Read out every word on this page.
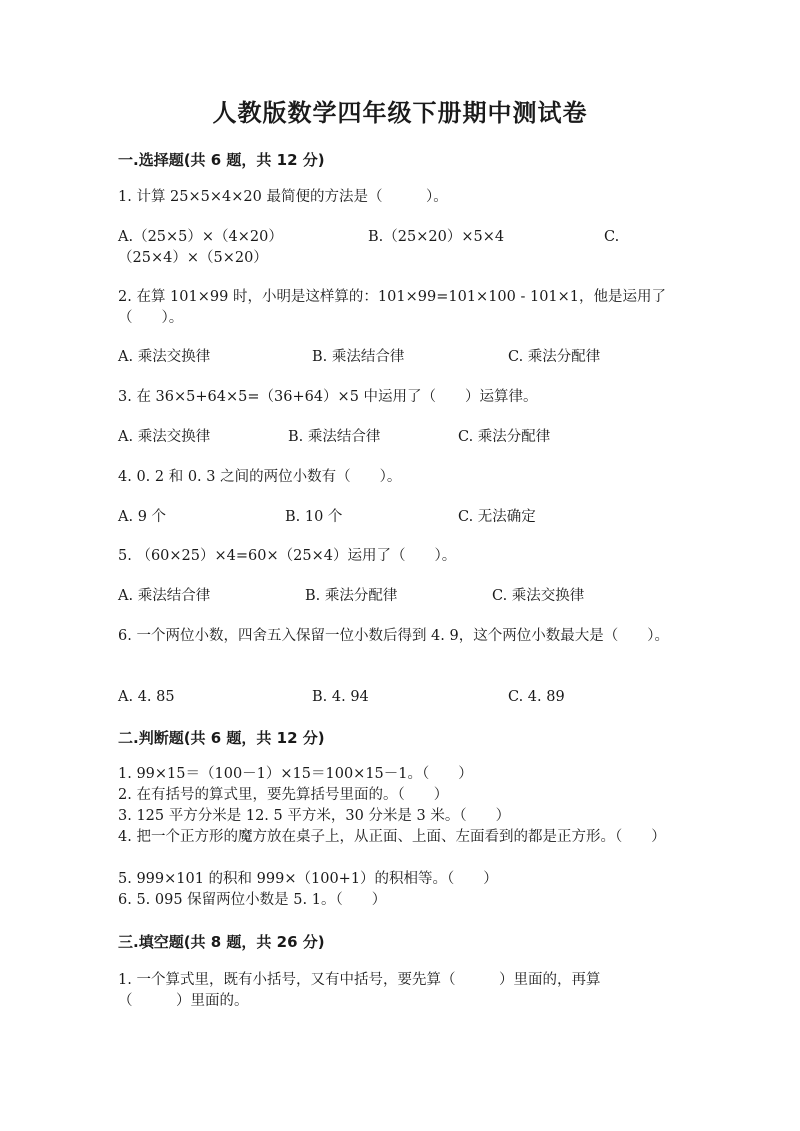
人教版数学四年级下册期中测试卷
一.选择题(共 6 题，共 12 分)
1. 计算 25×5×4×20 最简便的方法是（　　　）。
A.（25×5）×（4×20）	B.（25×20）×5×4	C.
（25×4）×（5×20）
2. 在算 101×99 时，小明是这样算的：101×99=101×100 - 101×1，他是运用了（　　）。
A. 乘法交换律	B. 乘法结合律	C. 乘法分配律
3. 在 36×5+64×5=（36+64）×5 中运用了（　　）运算律。
A. 乘法交换律	B. 乘法结合律	C. 乘法分配律
4. 0. 2 和 0. 3 之间的两位小数有（　　）。
A. 9 个	B. 10 个	C. 无法确定
5. （60×25）×4=60×（25×4）运用了（　　）。
A. 乘法结合律	B. 乘法分配律	C. 乘法交换律
6. 一个两位小数，四舍五入保留一位小数后得到 4. 9，这个两位小数最大是（　　）。
A. 4. 85	B. 4. 94	C. 4. 89
二.判断题(共 6 题，共 12 分)
1. 99×15＝（100－1）×15＝100×15－1。（　　）
2. 在有括号的算式里，要先算括号里面的。（　　）
3. 125 平方分米是 12. 5 平方米，30 分米是 3 米。（　　）
4. 把一个正方形的魔方放在桌子上，从正面、上面、左面看到的都是正方形。（　　）
5. 999×101 的积和 999×（100+1）的积相等。（　　）
6. 5. 095 保留两位小数是 5. 1。（　　）
三.填空题(共 8 题，共 26 分)
1. 一个算式里，既有小括号，又有中括号，要先算（　　　）里面的，再算（　　　）里面的。
